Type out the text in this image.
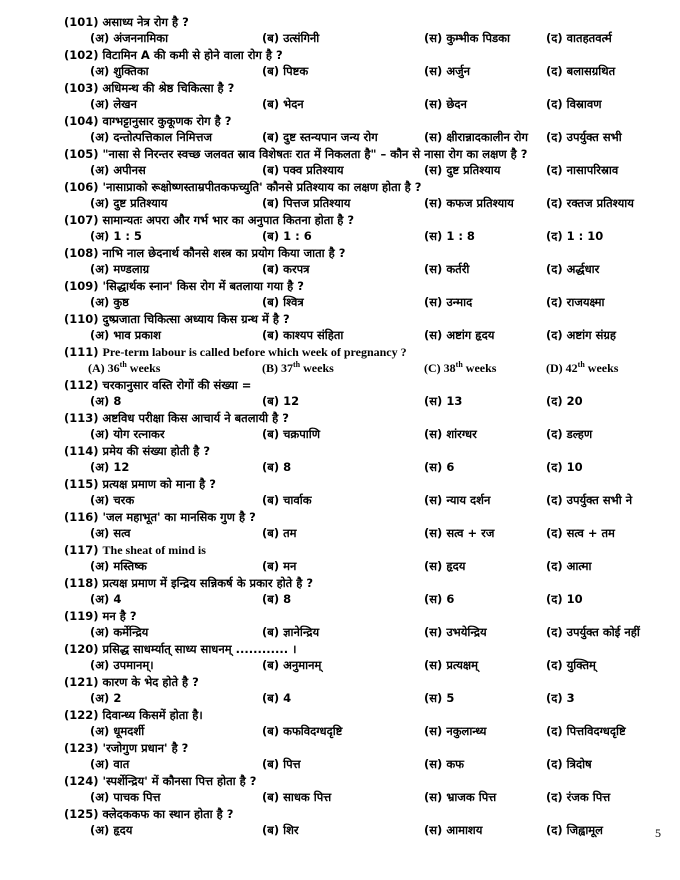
(101) असाध्य नेत्र रोग है ?
(अ) अंजननामिका	(ब) उत्संगिनी	(स) कुम्भीक पिडका	(द) वातहतवर्त्म
(102) विटामिन A की कमी से होने वाला रोग है ?
(अ) शुक्तिका	(ब) पिष्टक	(स) अर्जुन	(द) बलासग्रथित
(103) अधिमन्थ की श्रेष्ठ चिकित्सा है ?
(अ) लेखन	(ब) भेदन	(स) छेदन	(द) विस्रावण
(104) वाग्भट्टानुसार कुकूणक रोग है ?
(अ) दन्तोत्पत्तिकाल निमित्तज	(ब) दुष्ट स्तन्यपान जन्य रोग	(स) क्षीरान्नादकालीन रोग (द) उपर्युक्त सभी
(105) "नासा से निरन्तर स्वच्छ जलवत स्राव विशेषतः रात में निकलता है" – कौन से नासा रोग का लक्षण है ?
(अ) अपीनस	(ब) पक्व प्रतिश्याय	(स) दुष्ट प्रतिश्याय	(द) नासापरिस्राव
(106) 'नासाप्राको रूक्षोष्णस्ताम्रपीतकफच्युति' कौनसे प्रतिश्याय का लक्षण होता है ?
(अ) दुष्ट प्रतिश्याय	(ब) पित्तज प्रतिश्याय	(स) कफज प्रतिश्याय	(द) रक्तज प्रतिश्याय
(107) सामान्यतः अपरा और गर्भ भार का अनुपात कितना होता है ?
(अ) 1 : 5	(ब) 1 : 6	(स) 1 : 8	(द) 1 : 10
(108) नाभि नाल छेदनार्थ कौनसे शस्त्र का प्रयोग किया जाता है ?
(अ) मण्डलाग्र	(ब) करपत्र	(स) कर्तरी	(द) अर्द्धधार
(109) 'सिद्धार्थक स्नान' किस रोग में बतलाया गया है ?
(अ) कुष्ठ	(ब) श्वित्र	(स) उन्माद	(द) राजयक्ष्मा
(110) दुष्प्रजाता चिकित्सा अध्याय किस ग्रन्थ में है ?
(अ) भाव प्रकाश	(ब) काश्यप संहिता	(स) अष्टांग हृदय	(द) अष्टांग संग्रह
(111) Pre-term labour is called before which week of pregnancy ?
(A) 36th weeks	(B) 37th weeks	(C) 38th weeks	(D) 42th weeks
(112) चरकानुसार वस्ति रोगों की संख्या =
(अ) 8	(ब) 12	(स) 13	(द) 20
(113) अष्टविध परीक्षा किस आचार्य ने बतलायी है ?
(अ) योग रत्नाकर	(ब) चक्रपाणि	(स) शांरग्धर	(द) डल्हण
(114) प्रमेय की संख्या होती है ?
(अ) 12	(ब) 8	(स) 6	(द) 10
(115) प्रत्यक्ष प्रमाण को माना है ?
(अ) चरक	(ब) चार्वाक	(स) न्याय दर्शन	(द) उपर्युक्त सभी ने
(116) 'जल महाभूत' का मानसिक गुण है ?
(अ) सत्व	(ब) तम	(स) सत्व + रज	(द) सत्व + तम
(117) The sheat of mind is
(अ) मस्तिष्क	(ब) मन	(स) हृदय	(द) आत्मा
(118) प्रत्यक्ष प्रमाण में इन्द्रिय सन्निकर्ष के प्रकार होते है ?
(अ) 4	(ब) 8	(स) 6	(द) 10
(119) मन है ?
(अ) कर्मेन्द्रिय	(ब) ज्ञानेन्द्रिय	(स) उभयेन्द्रिय	(द) उपर्युक्त कोई नहीं
(120) प्रसिद्ध साधर्म्यात् साध्य साधनम् ............ ।
(अ) उपमानम्।	(ब) अनुमानम्	(स) प्रत्यक्षम्	(द) युक्तिम्
(121) कारण के भेद होते है ?
(अ) 2	(ब) 4	(स) 5	(द) 3
(122) दिवान्ध्य किसमें होता है।
(अ) धूमदर्शी	(ब) कफविदग्धदृष्टि	(स) नकुलान्ध्य	(द) पित्तविदग्धदृष्टि
(123) 'रजोगुण प्रधान' है ?
(अ) वात	(ब) पित्त	(स) कफ	(द) त्रिदोष
(124) 'स्पर्शेन्द्रिय' में कौनसा पित्त होता है ?
(अ) पाचक पित्त	(ब) साधक पित्त	(स) भ्राजक पित्त	(द) रंजक पित्त
(125) क्लेदककफ का स्थान होता है ?
(अ) हृदय	(ब) शिर	(स) आमाशय	(द) जिह्वामूल	5
